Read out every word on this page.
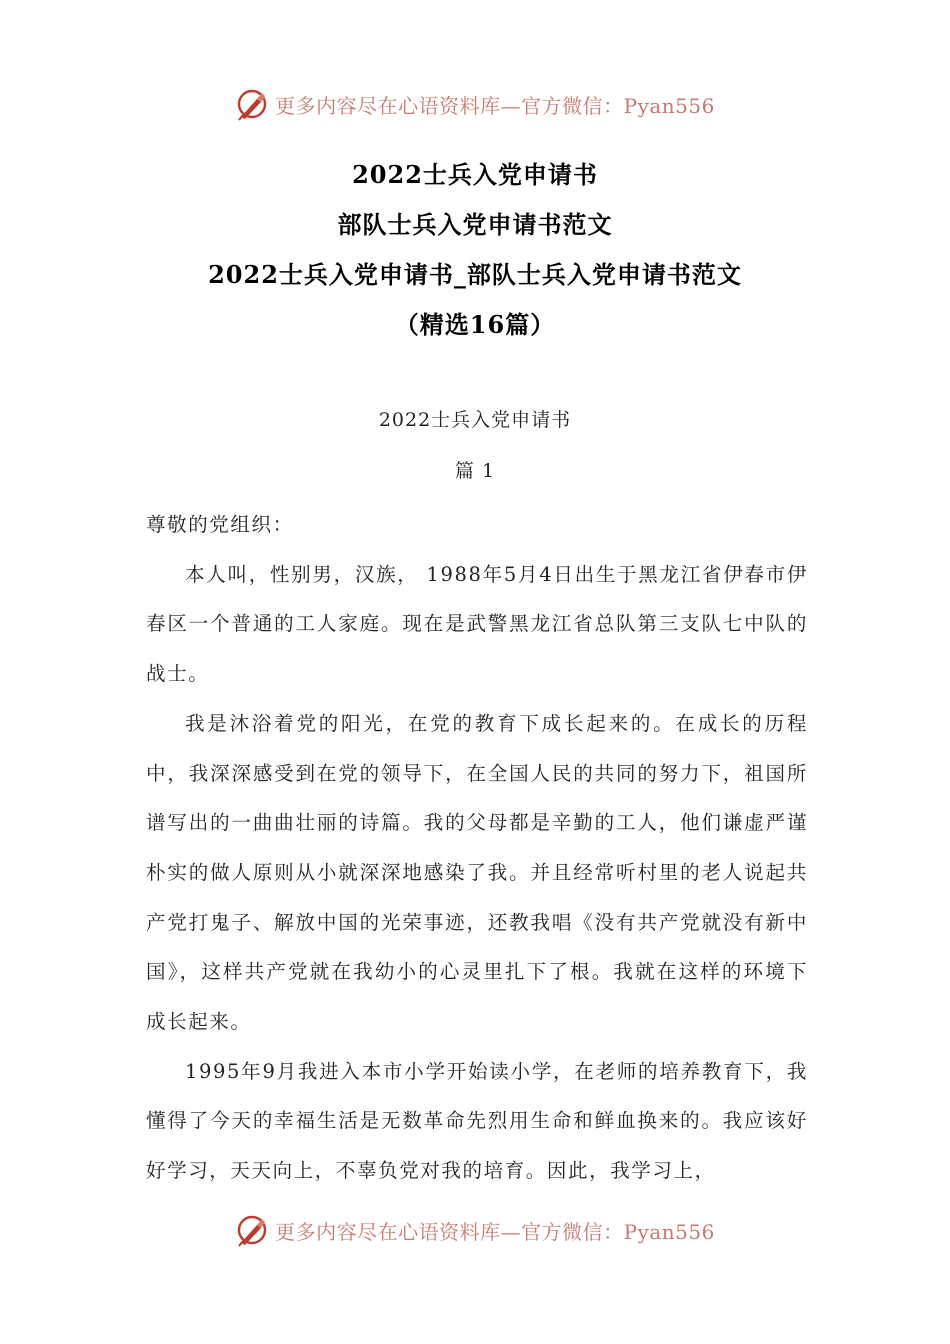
更多内容尽在心语资料库—官方微信：Pyan556
2022士兵入党申请书
部队士兵入党申请书范文
2022士兵入党申请书_部队士兵入党申请书范文
（精选16篇）
2022士兵入党申请书
篇 1

尊敬的党组织：

本人叫，性别男，汉族， 1988年5月4日出生于黑龙江省伊春市伊春区一个普通的工人家庭。现在是武警黑龙江省总队第三支队七中队的战士。

我是沐浴着党的阳光，在党的教育下成长起来的。在成长的历程中，我深深感受到在党的领导下，在全国人民的共同的努力下，祖国所谱写出的一曲曲壮丽的诗篇。我的父母都是辛勤的工人，他们谦虚严谨朴实的做人原则从小就深深地感染了我。并且经常听村里的老人说起共产党打鬼子、解放中国的光荣事迹，还教我唱《没有共产党就没有新中国》，这样共产党就在我幼小的心灵里扎下了根。我就在这样的环境下成长起来。

1995年9月我进入本市小学开始读小学，在老师的培养教育下，我懂得了今天的幸福生活是无数革命先烈用生命和鲜血换来的。我应该好好学习，天天向上，不辜负党对我的培育。因此，我学习上，

更多内容尽在心语资料库—官方微信：Pyan556
